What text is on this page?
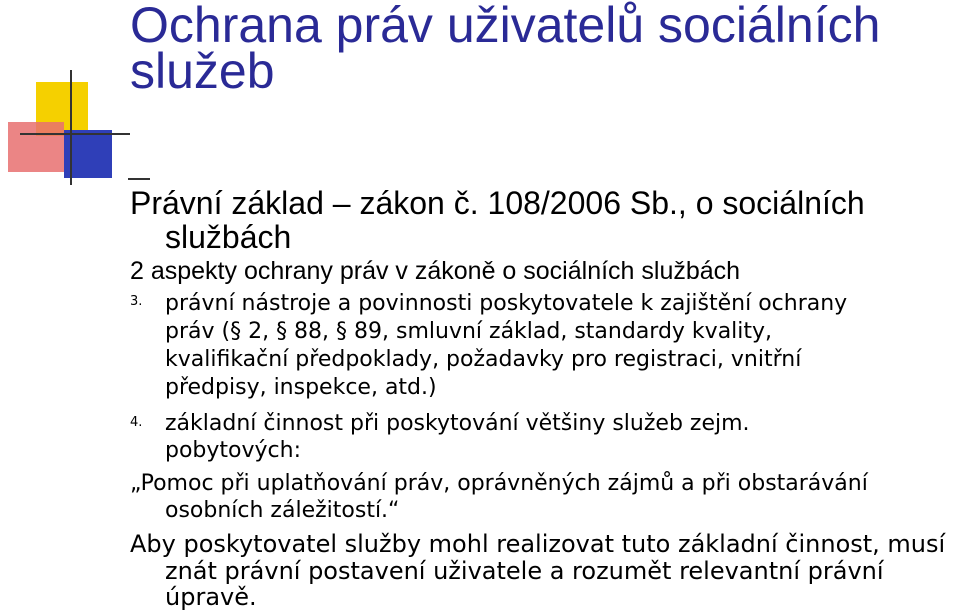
Ochrana práv uživatelů sociálních služeb
Právní základ – zákon č. 108/2006 Sb., o sociálních
službách
2 aspekty ochrany práv v zákoně o sociálních službách
3. právní nástroje a povinnosti poskytovatele k zajištění ochrany
práv (§ 2, § 88, § 89, smluvní základ, standardy kvality,
kvalifikační předpoklady, požadavky pro registraci, vnitřní
předpisy, inspekce, atd.)
4. základní činnost při poskytování většiny služeb zejm.
pobytových:
„Pomoc při uplatňování práv, oprávněných zájmů a při obstarávání
osobních záležitostí.“
Aby poskytovatel služby mohl realizovat tuto základní činnost, musí
znát právní postavení uživatele a rozumět relevantní právní
úpravě.
